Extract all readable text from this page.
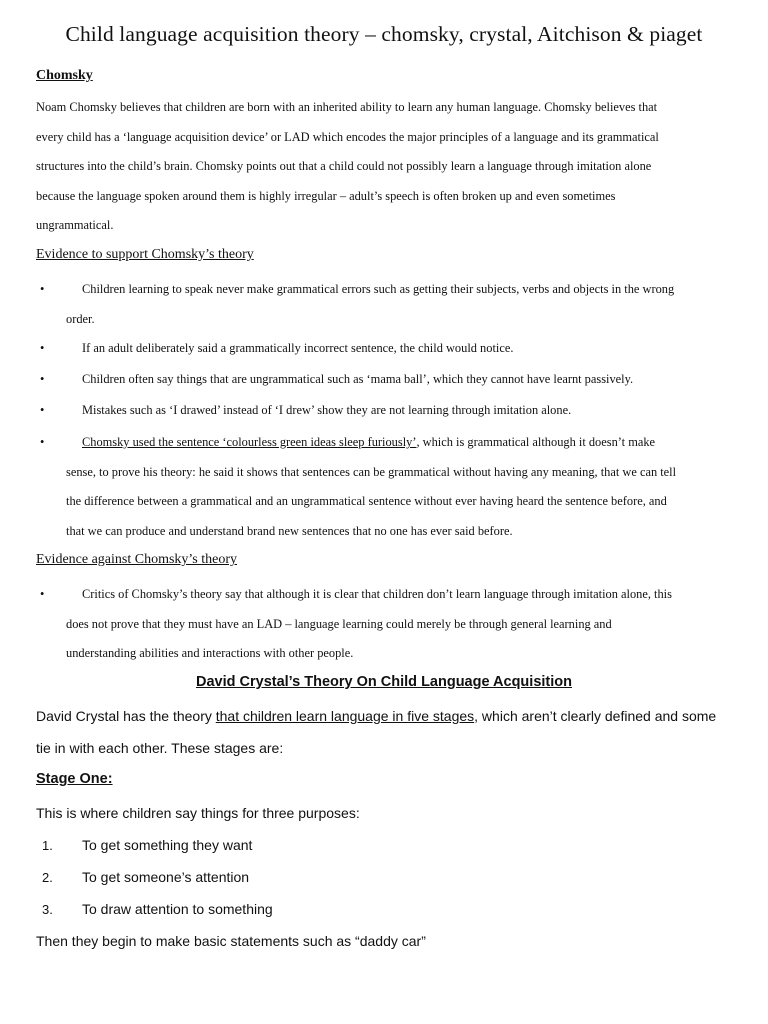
Child language acquisition theory – chomsky, crystal, Aitchison & piaget
Chomsky
Noam Chomsky believes that children are born with an inherited ability to learn any human language. Chomsky believes that
every child has a ‘language acquisition device’ or LAD which encodes the major principles of a language and its grammatical
structures into the child’s brain. Chomsky points out that a child could not possibly learn a language through imitation alone
because the language spoken around them is highly irregular – adult’s speech is often broken up and even sometimes
ungrammatical.
Evidence to support Chomsky’s theory
•	Children learning to speak never make grammatical errors such as getting their subjects, verbs and objects in the wrong
order.
•	If an adult deliberately said a grammatically incorrect sentence, the child would notice.
•	Children often say things that are ungrammatical such as ‘mama ball’, which they cannot have learnt passively.
•	Mistakes such as ‘I drawed’ instead of ‘I drew’ show they are not learning through imitation alone.
•	Chomsky used the sentence ‘colourless green ideas sleep furiously’, which is grammatical although it doesn’t make
sense, to prove his theory: he said it shows that sentences can be grammatical without having any meaning, that we can tell
the difference between a grammatical and an ungrammatical sentence without ever having heard the sentence before, and
that we can produce and understand brand new sentences that no one has ever said before.
Evidence against Chomsky’s theory
•	Critics of Chomsky’s theory say that although it is clear that children don’t learn language through imitation alone, this
does not prove that they must have an LAD – language learning could merely be through general learning and
understanding abilities and interactions with other people.
David Crystal’s Theory On Child Language Acquisition
David Crystal has the theory that children learn language in five stages, which aren’t clearly defined and some
tie in with each other. These stages are:
Stage One:
This is where children say things for three purposes:
1. To get something they want
2. To get someone’s attention
3. To draw attention to something
Then they begin to make basic statements such as “daddy car”
